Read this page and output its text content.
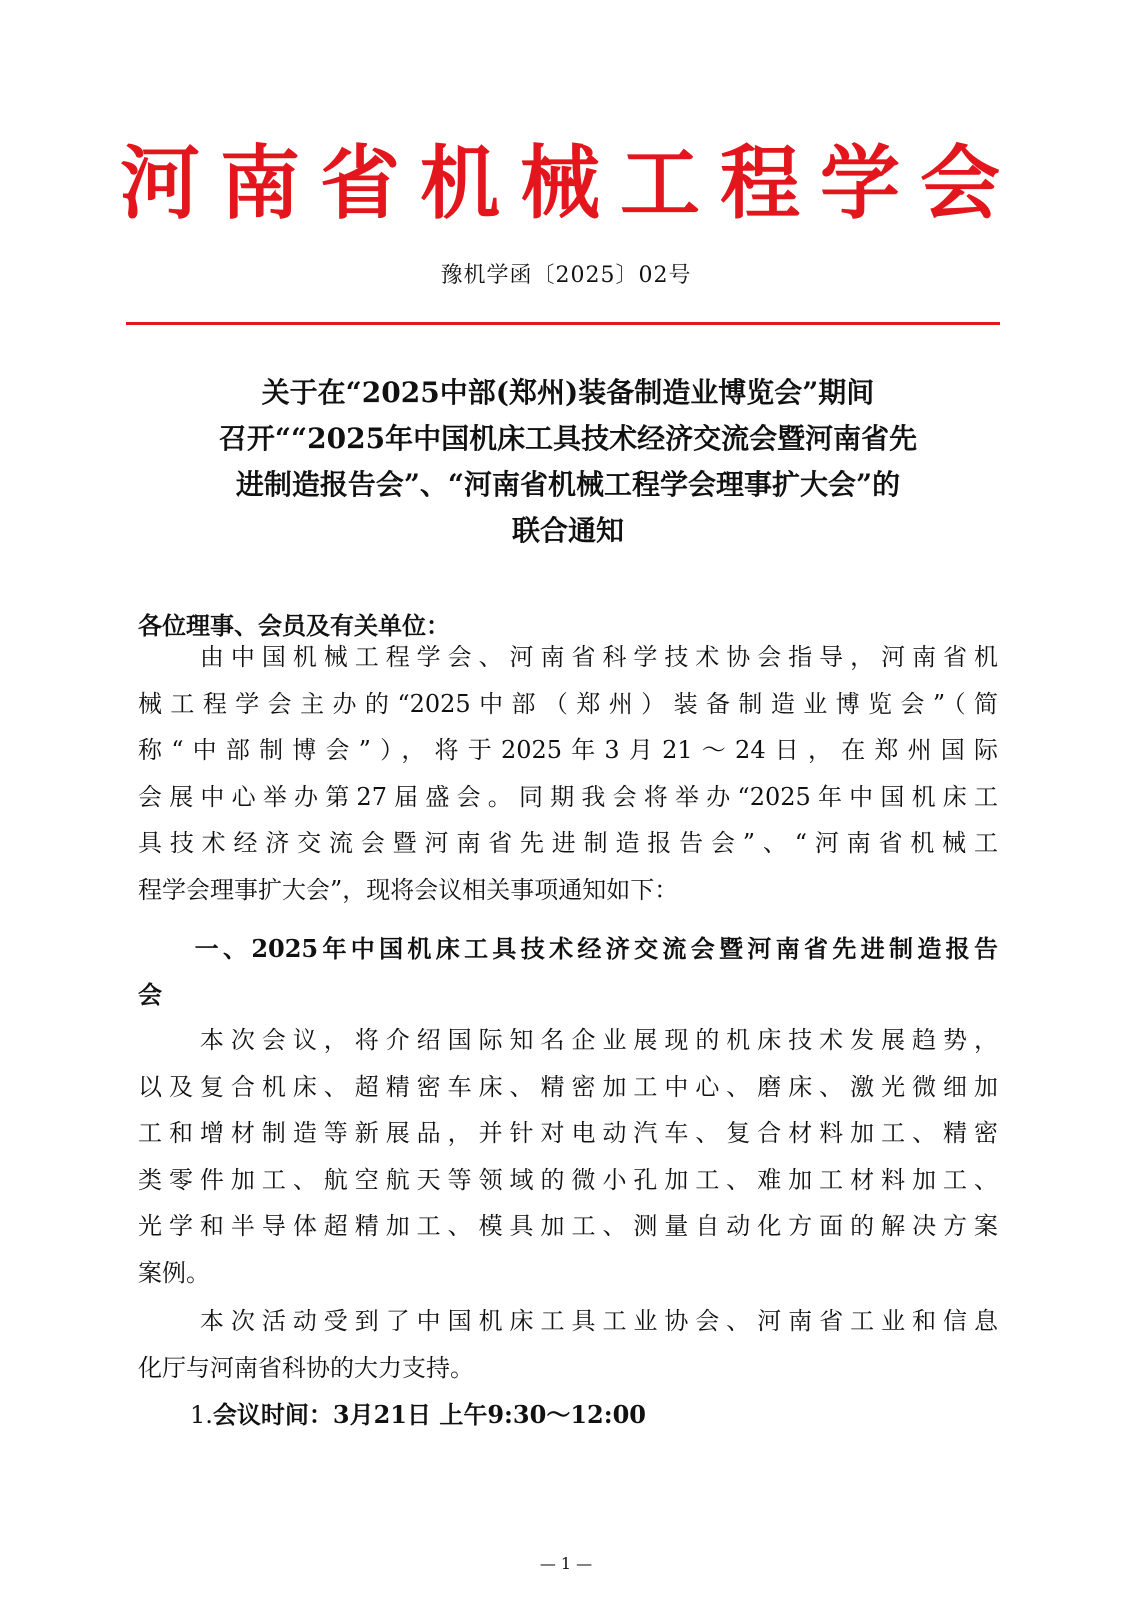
河 南 省 机 械 工 程 学 会
豫机学函〔2025〕02号
关于在“2025中部(郑州)装备制造业博览会”期间
召开““2025年中国机床工具技术经济交流会暨河南省先
进制造报告会”、“河南省机械工程学会理事扩大会”的
联合通知
各位理事、会员及有关单位：
　　由中国机械工程学会、河南省科学技术协会指导，河南省机
械工程学会主办的“2025中部（郑州）装备制造业博览会”（简
称“中部制博会”），将于2025年3月21～24日，在郑州国际
会展中心举办第27届盛会。同期我会将举办“2025年中国机床工
具技术经济交流会暨河南省先进制造报告会”、“河南省机械工
程学会理事扩大会”，现将会议相关事项通知如下：
　　一、2025年中国机床工具技术经济交流会暨河南省先进制造报告
会
　　本次会议，将介绍国际知名企业展现的机床技术发展趋势，
以及复合机床、超精密车床、精密加工中心、磨床、激光微细加
工和增材制造等新展品，并针对电动汽车、复合材料加工、精密
类零件加工、航空航天等领域的微小孔加工、难加工材料加工、
光学和半导体超精加工、模具加工、测量自动化方面的解决方案
案例。
　　本次活动受到了中国机床工具工业协会、河南省工业和信息
化厅与河南省科协的大力支持。
1.会议时间：3月21日 上午9:30～12:00
— 1 —
